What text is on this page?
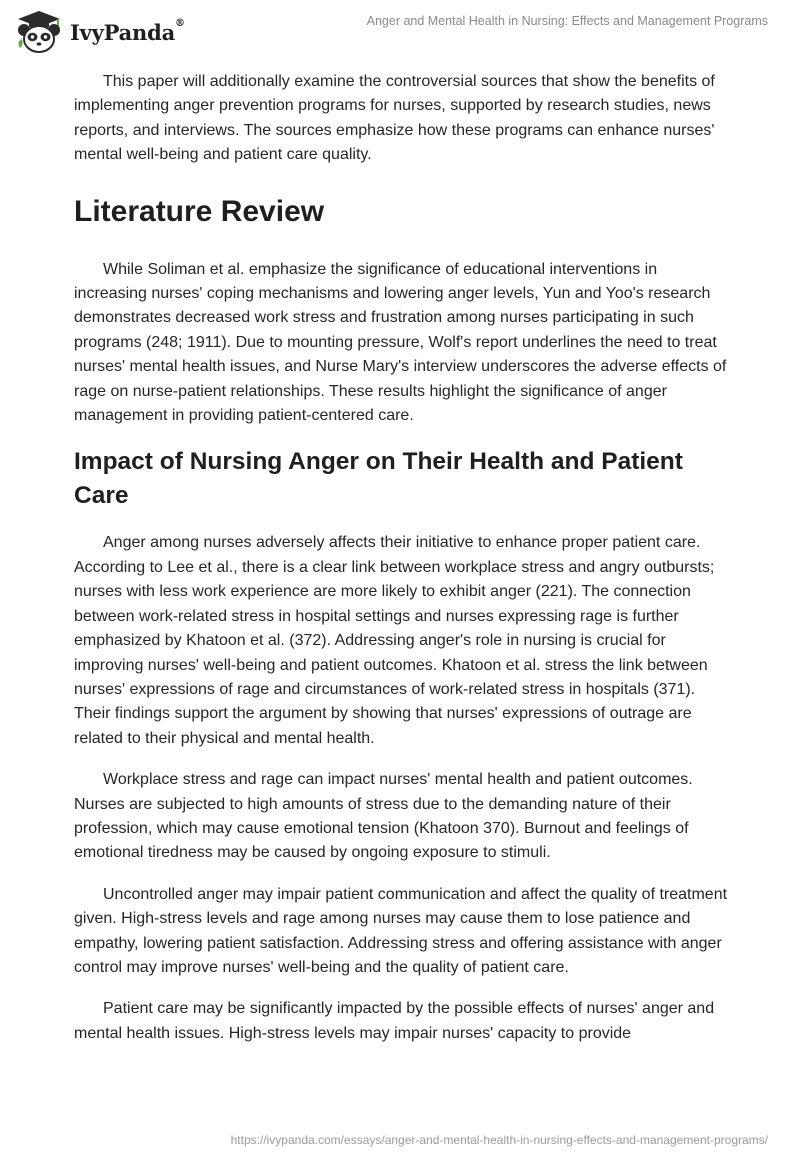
IvyPanda®	Anger and Mental Health in Nursing: Effects and Management Programs

This paper will additionally examine the controversial sources that show the benefits of implementing anger prevention programs for nurses, supported by research studies, news reports, and interviews. The sources emphasize how these programs can enhance nurses' mental well-being and patient care quality.

Literature Review

While Soliman et al. emphasize the significance of educational interventions in increasing nurses' coping mechanisms and lowering anger levels, Yun and Yoo's research demonstrates decreased work stress and frustration among nurses participating in such programs (248; 1911). Due to mounting pressure, Wolf's report underlines the need to treat nurses' mental health issues, and Nurse Mary's interview underscores the adverse effects of rage on nurse-patient relationships. These results highlight the significance of anger management in providing patient-centered care.

Impact of Nursing Anger on Their Health and Patient Care

Anger among nurses adversely affects their initiative to enhance proper patient care. According to Lee et al., there is a clear link between workplace stress and angry outbursts; nurses with less work experience are more likely to exhibit anger (221). The connection between work-related stress in hospital settings and nurses expressing rage is further emphasized by Khatoon et al. (372). Addressing anger's role in nursing is crucial for improving nurses' well-being and patient outcomes. Khatoon et al. stress the link between nurses' expressions of rage and circumstances of work-related stress in hospitals (371). Their findings support the argument by showing that nurses' expressions of outrage are related to their physical and mental health.

Workplace stress and rage can impact nurses' mental health and patient outcomes. Nurses are subjected to high amounts of stress due to the demanding nature of their profession, which may cause emotional tension (Khatoon 370). Burnout and feelings of emotional tiredness may be caused by ongoing exposure to stimuli.

Uncontrolled anger may impair patient communication and affect the quality of treatment given. High-stress levels and rage among nurses may cause them to lose patience and empathy, lowering patient satisfaction. Addressing stress and offering assistance with anger control may improve nurses' well-being and the quality of patient care.

Patient care may be significantly impacted by the possible effects of nurses' anger and mental health issues. High-stress levels may impair nurses' capacity to provide

https://ivypanda.com/essays/anger-and-mental-health-in-nursing-effects-and-management-programs/
